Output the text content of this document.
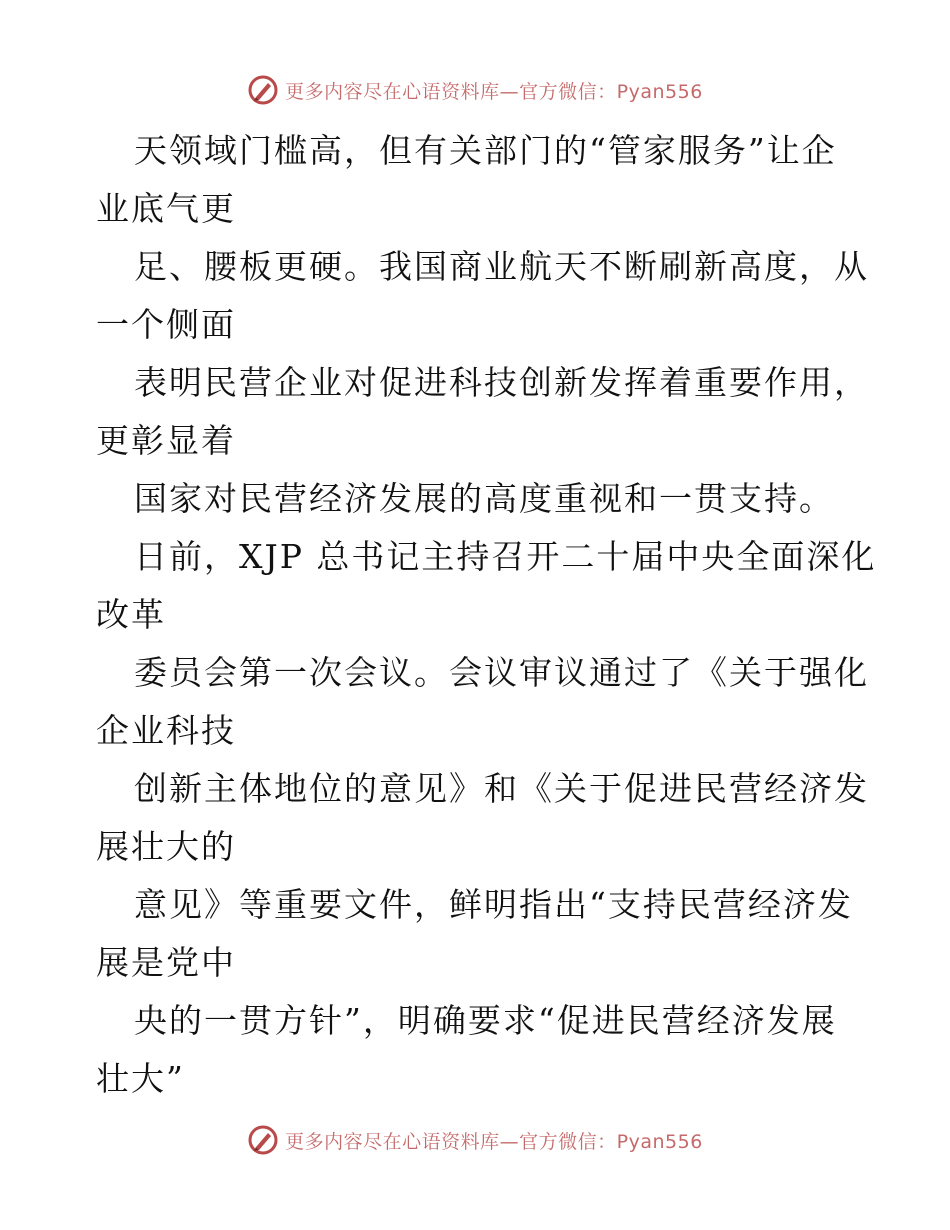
更多内容尽在心语资料库—官方微信：Pyan556
天领域门槛高，但有关部门的“管家服务”让企
业底气更
足、腰板更硬。我国商业航天不断刷新高度，从
一个侧面
表明民营企业对促进科技创新发挥着重要作用，
更彰显着
国家对民营经济发展的高度重视和一贯支持。
日前，XJP 总书记主持召开二十届中央全面深化
改革
委员会第一次会议。会议审议通过了《关于强化
企业科技
创新主体地位的意见》和《关于促进民营经济发
展壮大的
意见》等重要文件，鲜明指出“支持民营经济发
展是党中
央的一贯方针”，明确要求“促进民营经济发展
壮大”
更多内容尽在心语资料库—官方微信：Pyan556
